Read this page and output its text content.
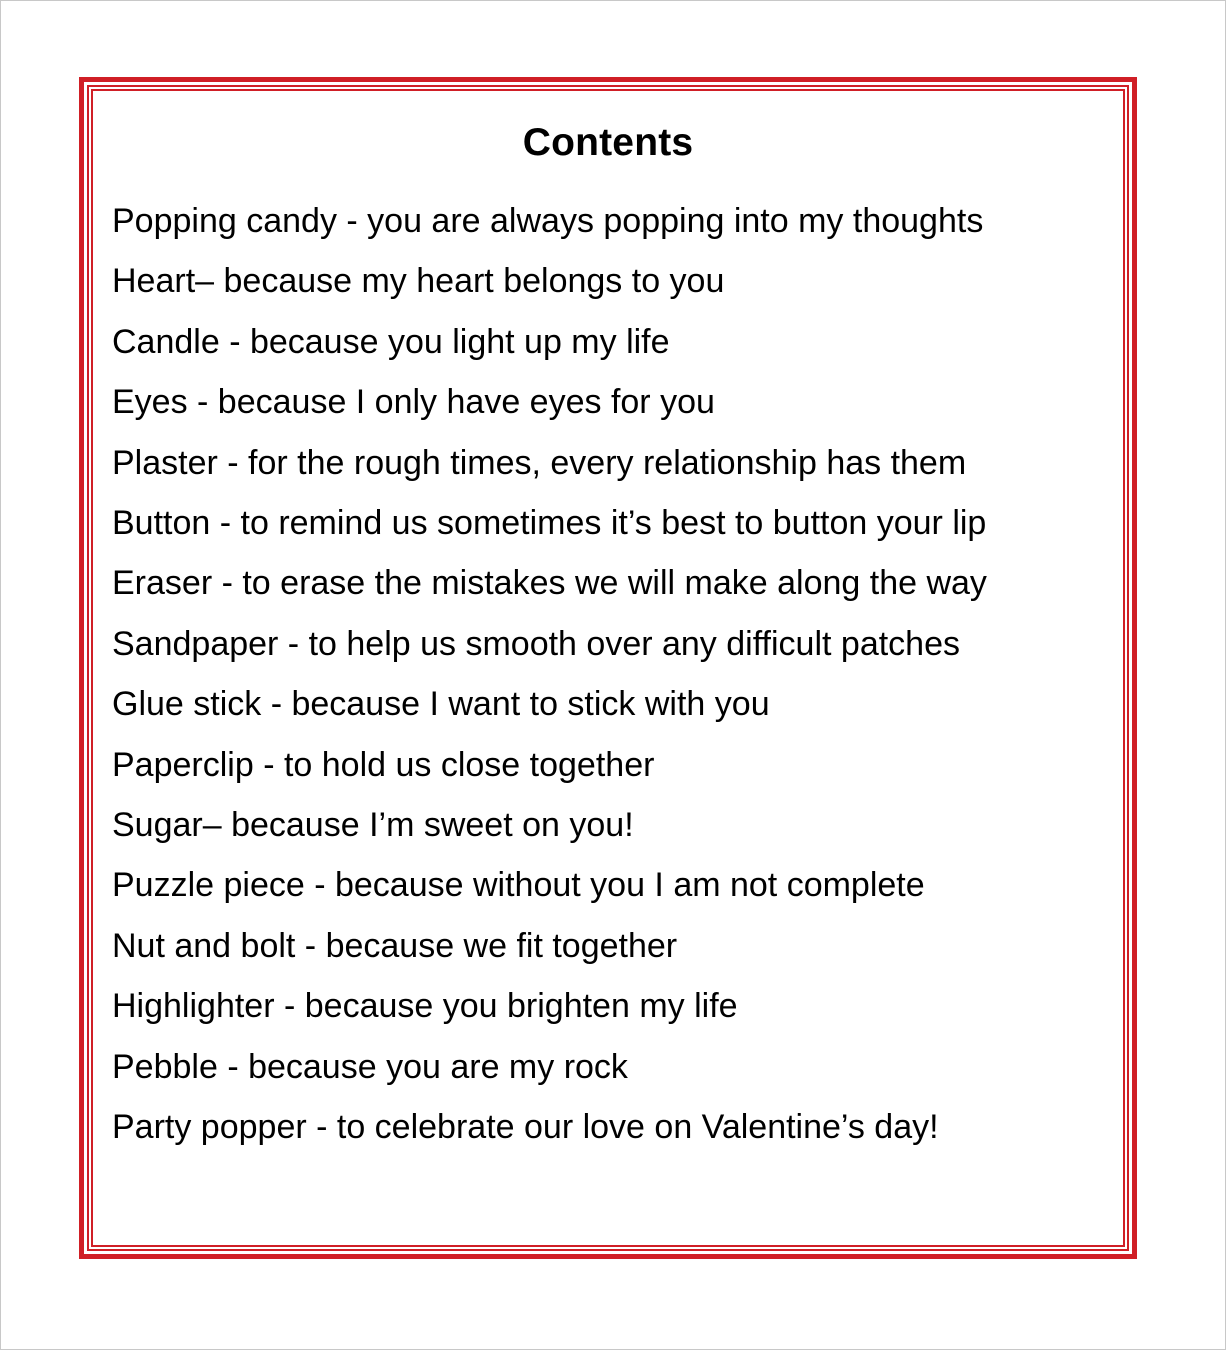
Contents
Popping candy - you are always popping into my thoughts
Heart– because my heart belongs to you
Candle - because you light up my life
Eyes - because I only have eyes for you
Plaster - for the rough times, every relationship has them
Button - to remind us sometimes it’s best to button your lip
Eraser - to erase the mistakes we will make along the way
Sandpaper - to help us smooth over any difficult patches
Glue stick - because I want to stick with you
Paperclip - to hold us close together
Sugar– because I’m sweet on you!
Puzzle piece - because without you I am not complete
Nut and bolt - because we fit together
Highlighter - because you brighten my life
Pebble - because you are my rock
Party popper - to celebrate our love on Valentine’s day!
